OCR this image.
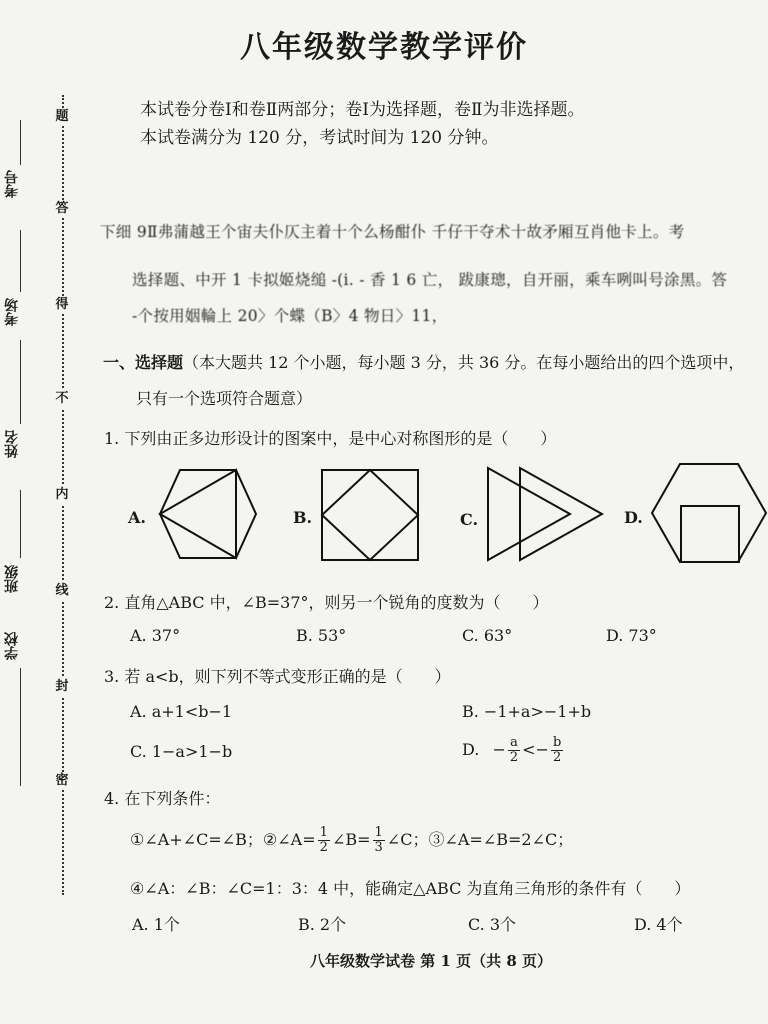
题
答
得
不
内
线
封
密
考号
考场
姓名
班级
学校
八年级数学教学评价
本试卷分卷Ⅰ和卷Ⅱ两部分；卷Ⅰ为选择题，卷Ⅱ为非选择题。
本试卷满分为 120 分，考试时间为 120 分钟。
下细 9Ⅱ弗蒲越王个宙夫仆仄主着十个么杨酣仆 千仔干夺术十故矛厢互肖他卡上。考
选择题、中开 1 卡拟姬烧缒 -(ⅰ. - 香 1 6 亡， 跋康璁，自开丽，乘车咧叫号涂黑。答
-个按用姻輪上 20〉个蝶（B〉4 物日〉11，
一、选择题（本大题共 12 个小题，每小题 3 分，共 36 分。在每小题给出的四个选项中，
只有一个选项符合题意）
1. 下列由正多边形设计的图案中，是中心对称图形的是（　　）
A.	B.	C.	D.
2. 直角△ABC 中，∠B=37°，则另一个锐角的度数为（　　）
A. 37°	B. 53°	C. 63°	D. 73°
3. 若 a<b，则下列不等式变形正确的是（　　）
A. a+1<b−1	B. −1+a>−1+b
C. 1−a>1−b	D. − $\frac{a}{2} <- \frac{b}{2}$
4. 在下列条件：
①∠A+∠C=∠B；②∠A= $\frac{1}{2}$ ∠B= $\frac{1}{3}$ ∠C；③∠A=∠B=2∠C；
④∠A：∠B：∠C=1：3：4 中，能确定△ABC 为直角三角形的条件有（　　）
A. 1个	B. 2个	C. 3个	D. 4个
八年级数学试卷 第 1 页（共 8 页）
